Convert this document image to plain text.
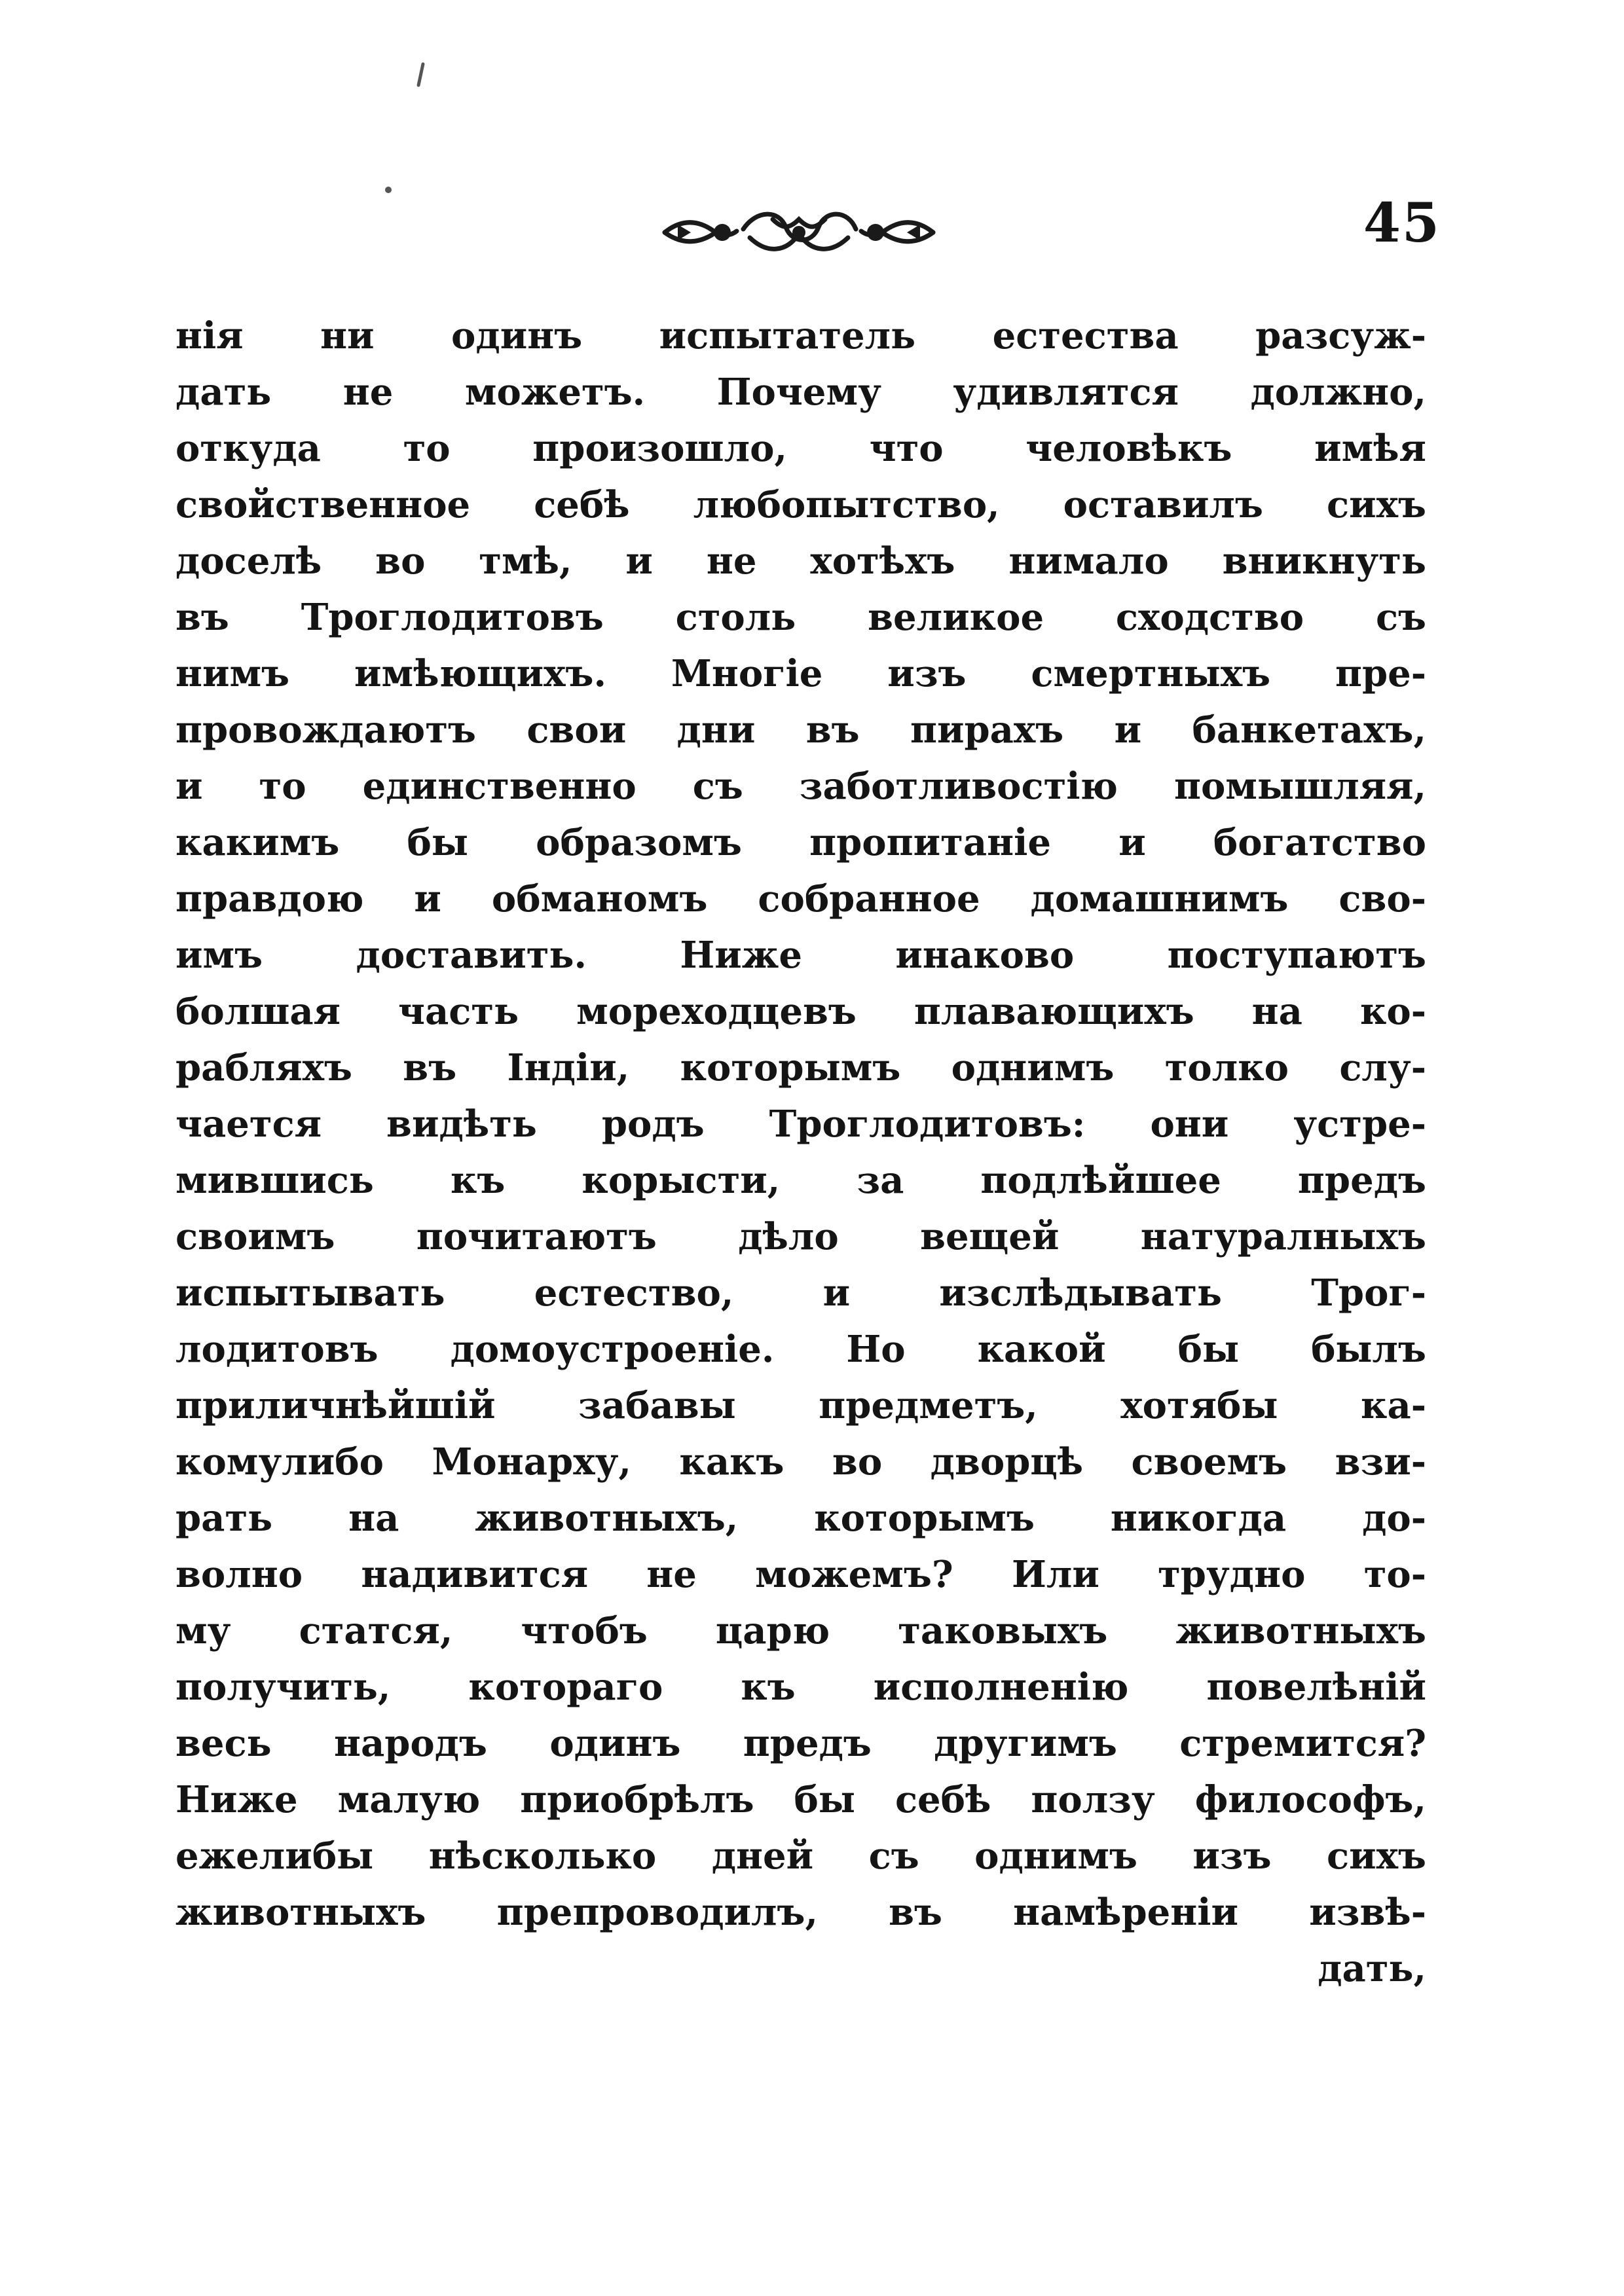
45
нія ни одинъ испытатель естества разсуж-
дать не можетъ. Почему удивлятся должно,
откуда то произошло, что человѣкъ имѣя
свойственное себѣ любопытство, оставилъ сихъ
доселѣ во тмѣ, и не хотѣхъ нимало вникнуть
въ Троглодитовъ столь великое сходство съ
нимъ имѣющихъ. Многіе изъ смертныхъ пре-
провождаютъ свои дни въ пирахъ и банкетахъ,
и то единственно съ заботливостію помышляя,
какимъ бы образомъ пропитаніе и богатство
правдою и обманомъ собранное домашнимъ сво-
имъ доставить. Ниже инаково поступаютъ
болшая часть мореходцевъ плавающихъ на ко-
рабляхъ въ Індіи, которымъ однимъ толко слу-
чается видѣть родъ Троглодитовъ: они устре-
мившись къ корысти, за подлѣйшее предъ
своимъ почитаютъ дѣло вещей натуралныхъ
испытывать естество, и изслѣдывать Трог-
лодитовъ домоустроеніе. Но какой бы былъ
приличнѣйшій забавы предметъ, хотябы ка-
комулибо Монарху, какъ во дворцѣ своемъ взи-
рать на животныхъ, которымъ никогда до-
волно надивится не можемъ? Или трудно то-
му статся, чтобъ царю таковыхъ животныхъ
получить, котораго къ исполненію повелѣній
весь народъ одинъ предъ другимъ стремится?
Ниже малую приобрѣлъ бы себѣ ползу философъ,
ежелибы нѣсколько дней съ однимъ изъ сихъ
животныхъ препроводилъ, въ намѣреніи извѣ-
дать,
